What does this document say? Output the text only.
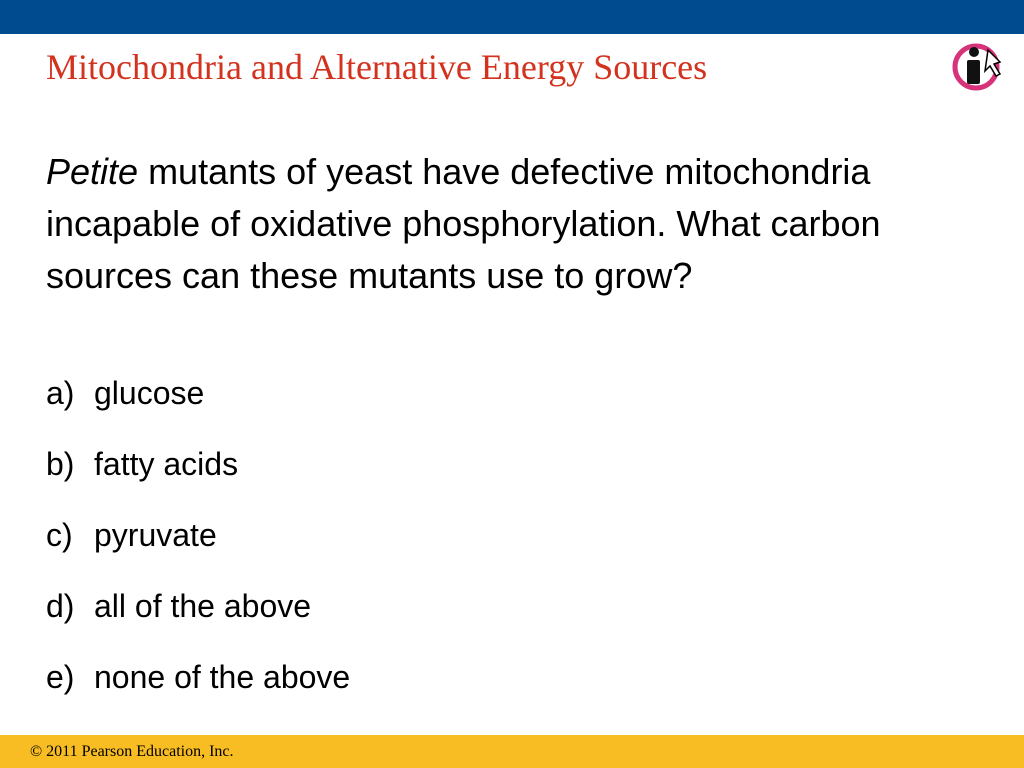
Mitochondria and Alternative Energy Sources
Petite mutants of yeast have defective mitochondria incapable of oxidative phosphorylation. What carbon sources can these mutants use to grow?
a) glucose
b) fatty acids
c) pyruvate
d) all of the above
e) none of the above
© 2011 Pearson Education, Inc.
